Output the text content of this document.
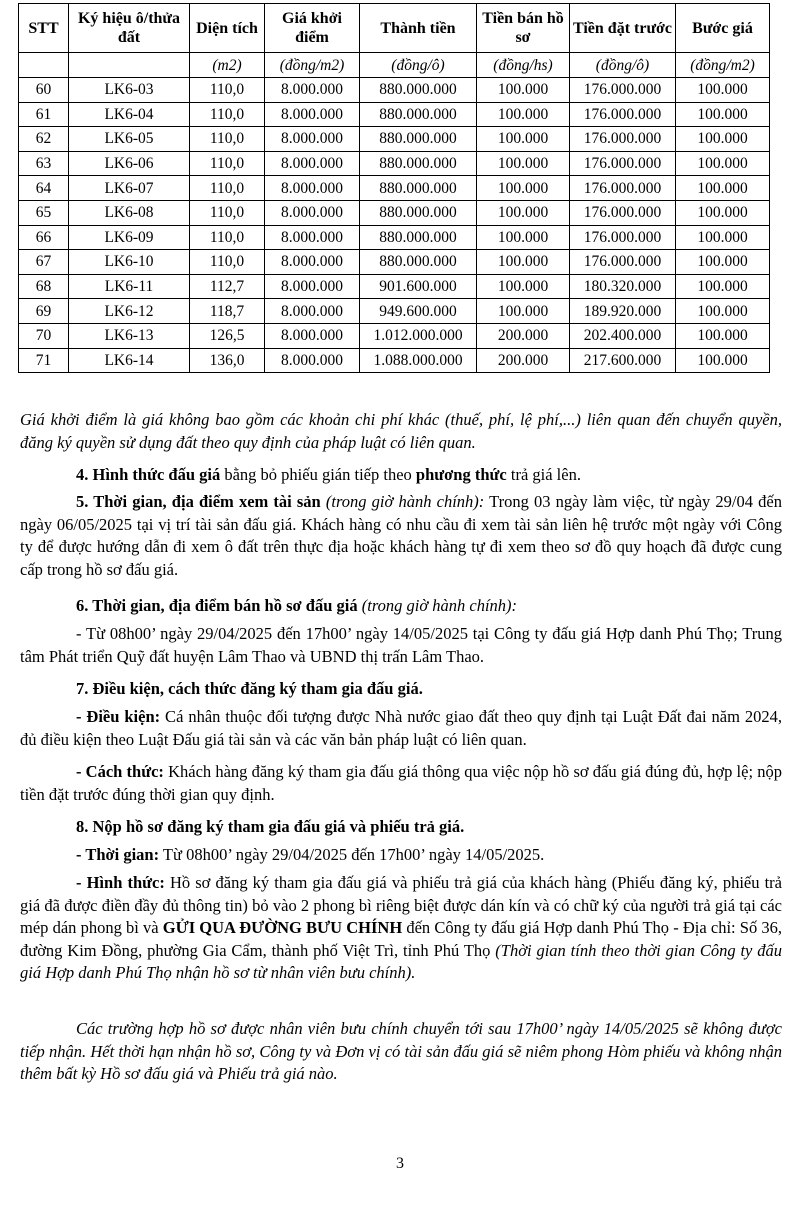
STT	Ký hiệu ô/thửa đất	Diện tích	Giá khởi điểm	Thành tiền	Tiền bán hồ sơ	Tiền đặt trước	Bước giá
		(m2)	(đồng/m2)	(đồng/ô)	(đồng/hs)	(đồng/ô)	(đồng/m2)
60	LK6-03	110,0	8.000.000	880.000.000	100.000	176.000.000	100.000
61	LK6-04	110,0	8.000.000	880.000.000	100.000	176.000.000	100.000
62	LK6-05	110,0	8.000.000	880.000.000	100.000	176.000.000	100.000
63	LK6-06	110,0	8.000.000	880.000.000	100.000	176.000.000	100.000
64	LK6-07	110,0	8.000.000	880.000.000	100.000	176.000.000	100.000
65	LK6-08	110,0	8.000.000	880.000.000	100.000	176.000.000	100.000
66	LK6-09	110,0	8.000.000	880.000.000	100.000	176.000.000	100.000
67	LK6-10	110,0	8.000.000	880.000.000	100.000	176.000.000	100.000
68	LK6-11	112,7	8.000.000	901.600.000	100.000	180.320.000	100.000
69	LK6-12	118,7	8.000.000	949.600.000	100.000	189.920.000	100.000
70	LK6-13	126,5	8.000.000	1.012.000.000	200.000	202.400.000	100.000
71	LK6-14	136,0	8.000.000	1.088.000.000	200.000	217.600.000	100.000
Giá khởi điểm là giá không bao gồm các khoản chi phí khác (thuế, phí, lệ phí,...) liên quan đến chuyển quyền, đăng ký quyền sử dụng đất theo quy định của pháp luật có liên quan.
4. Hình thức đấu giá bằng bỏ phiếu gián tiếp theo phương thức trả giá lên.
5. Thời gian, địa điểm xem tài sản (trong giờ hành chính): Trong 03 ngày làm việc, từ ngày 29/04 đến ngày 06/05/2025 tại vị trí tài sản đấu giá. Khách hàng có nhu cầu đi xem tài sản liên hệ trước một ngày với Công ty để được hướng dẫn đi xem ô đất trên thực địa hoặc khách hàng tự đi xem theo sơ đồ quy hoạch đã được cung cấp trong hồ sơ đấu giá.
6. Thời gian, địa điểm bán hồ sơ đấu giá (trong giờ hành chính):
- Từ 08h00’ ngày 29/04/2025 đến 17h00’ ngày 14/05/2025 tại Công ty đấu giá Hợp danh Phú Thọ; Trung tâm Phát triển Quỹ đất huyện Lâm Thao và UBND thị trấn Lâm Thao.
7. Điều kiện, cách thức đăng ký tham gia đấu giá.
- Điều kiện: Cá nhân thuộc đối tượng được Nhà nước giao đất theo quy định tại Luật Đất đai năm 2024, đủ điều kiện theo Luật Đấu giá tài sản và các văn bản pháp luật có liên quan.
- Cách thức: Khách hàng đăng ký tham gia đấu giá thông qua việc nộp hồ sơ đấu giá đúng đủ, hợp lệ; nộp tiền đặt trước đúng thời gian quy định.
8. Nộp hồ sơ đăng ký tham gia đấu giá và phiếu trả giá.
- Thời gian: Từ 08h00’ ngày 29/04/2025 đến 17h00’ ngày 14/05/2025.
- Hình thức: Hồ sơ đăng ký tham gia đấu giá và phiếu trả giá của khách hàng (Phiếu đăng ký, phiếu trả giá đã được điền đầy đủ thông tin) bỏ vào 2 phong bì riêng biệt được dán kín và có chữ ký của người trả giá tại các mép dán phong bì và GỬI QUA ĐƯỜNG BƯU CHÍNH đến Công ty đấu giá Hợp danh Phú Thọ - Địa chỉ: Số 36, đường Kim Đồng, phường Gia Cẩm, thành phố Việt Trì, tỉnh Phú Thọ (Thời gian tính theo thời gian Công ty đấu giá Hợp danh Phú Thọ nhận hồ sơ từ nhân viên bưu chính).
Các trường hợp hồ sơ được nhân viên bưu chính chuyển tới sau 17h00’ ngày 14/05/2025 sẽ không được tiếp nhận. Hết thời hạn nhận hồ sơ, Công ty và Đơn vị có tài sản đấu giá sẽ niêm phong Hòm phiếu và không nhận thêm bất kỳ Hồ sơ đấu giá và Phiếu trả giá nào.
3
